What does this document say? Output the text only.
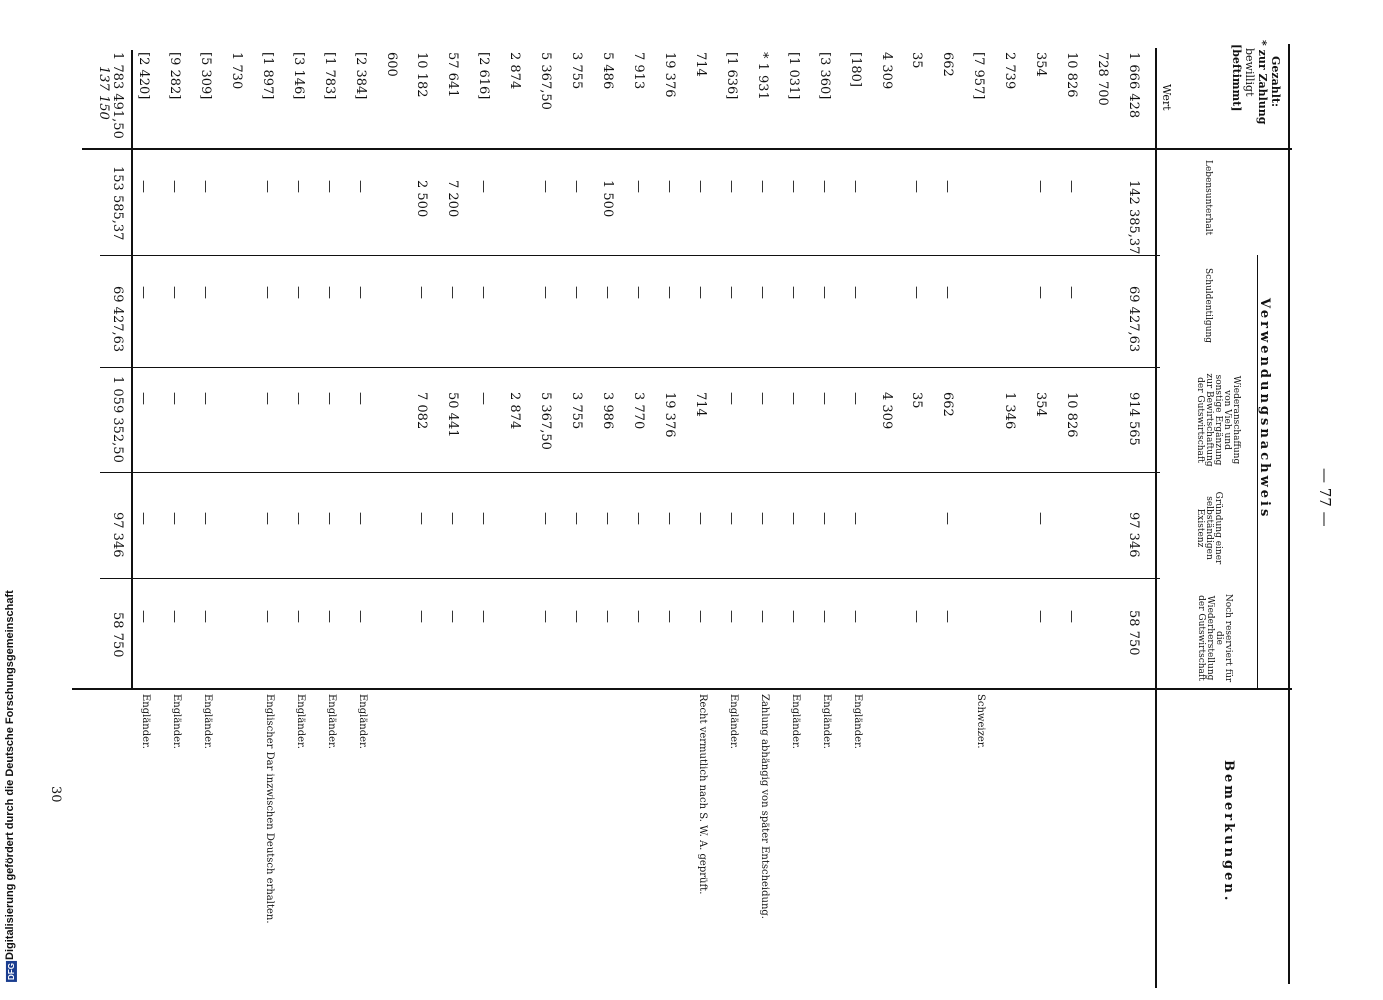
Gezahlt:
* zur Zahlung
bewilligt
[beftimmt]
Wert
Verwendungsnachweis
Lebensunterhalt
Schuldentilgung
Wiederanschaffung von Vieh und sonstige Ergänzung zur Bewirtschaftung der Gutswirtschaft
Gründung einer selbständigen Existenz
Noch reserviert für die Wiederherstellung der Gutswirtschaft
Bemerkungen.
— 77 —
1 666 428
142 385,37
69 427,63
914 565
97 346
58 750
728 700
10 826
—
—
10 826
—
354
—
—
354
—
—
2 739
1 346
[7 957]
Schweizer.
662
—
—
662
—
—
35
—
—
35
—
4 309
4 309
[180]
—
—
—
—
—
Engländer.
[3 360]
—
—
—
—
—
Engländer.
[1 031]
—
—
—
—
—
Engländer.
* 1 931
—
—
—
—
—
Zahlung abhängig von später Entscheidung.
[1 636]
—
—
—
—
—
Engländer.
714
—
—
714
—
—
Recht vermutlich nach S. W. A. geprüft.
19 376
—
—
19 376
—
—
7 913
—
—
3 770
—
—
5 486
1 500
—
3 986
—
—
3 755
—
—
3 755
—
—
5 367,50
—
—
5 367,50
—
—
2 874
2 874
[2 616]
—
—
—
—
—
57 641
7 200
—
50 441
—
—
10 182
2 500
—
7 082
—
—
600
[2 384]
—
—
—
—
—
Engländer.
[1 783]
—
—
—
—
—
Engländer.
[3 146]
—
—
—
—
—
Engländer.
[1 897]
—
—
—
—
—
Englischer Dar inzwischen Deutsch erhalten.
1 730
[5 309]
—
—
—
—
—
Engländer.
[9 282]
—
—
—
—
—
Engländer.
[2 420]
—
—
—
—
—
Engländer.
1 783 491,50
137 150
153 585,37
69 427,63
1 059 352,50
97 346
58 750
Digitalisierung gefördert durch die Deutsche Forschungsgemeinschaft
DFG
30
